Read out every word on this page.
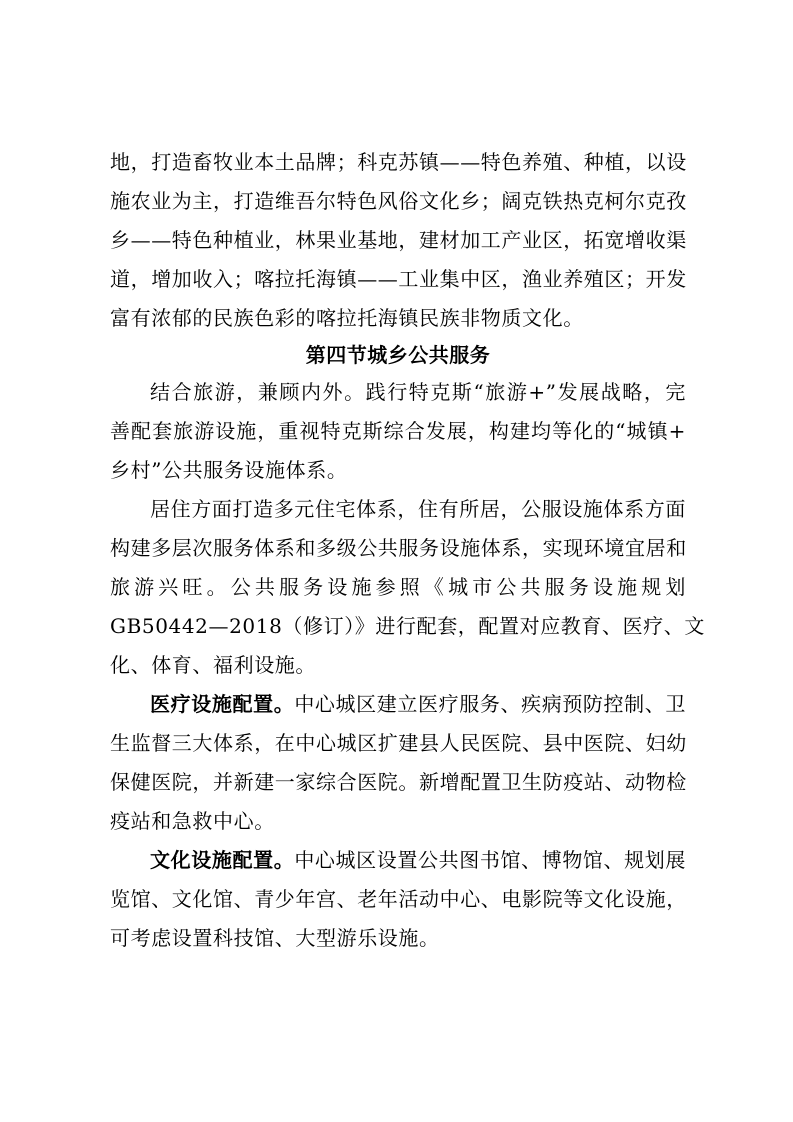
地，打造畜牧业本土品牌；科克苏镇——特色养殖、种植，以设
施农业为主，打造维吾尔特色风俗文化乡；阔克铁热克柯尔克孜
乡——特色种植业，林果业基地，建材加工产业区，拓宽增收渠
道，增加收入；喀拉托海镇——工业集中区，渔业养殖区；开发
富有浓郁的民族色彩的喀拉托海镇民族非物质文化。
第四节城乡公共服务
结合旅游，兼顾内外。践行特克斯“旅游+”发展战略，完
善配套旅游设施，重视特克斯综合发展，构建均等化的“城镇+
乡村”公共服务设施体系。
居住方面打造多元住宅体系，住有所居，公服设施体系方面
构建多层次服务体系和多级公共服务设施体系，实现环境宜居和
旅游兴旺。公共服务设施参照《城市公共服务设施规划
GB50442—2018（修订）》进行配套，配置对应教育、医疗、文
化、体育、福利设施。
医疗设施配置。中心城区建立医疗服务、疾病预防控制、卫
生监督三大体系，在中心城区扩建县人民医院、县中医院、妇幼
保健医院，并新建一家综合医院。新增配置卫生防疫站、动物检
疫站和急救中心。
文化设施配置。中心城区设置公共图书馆、博物馆、规划展
览馆、文化馆、青少年宫、老年活动中心、电影院等文化设施，
可考虑设置科技馆、大型游乐设施。
